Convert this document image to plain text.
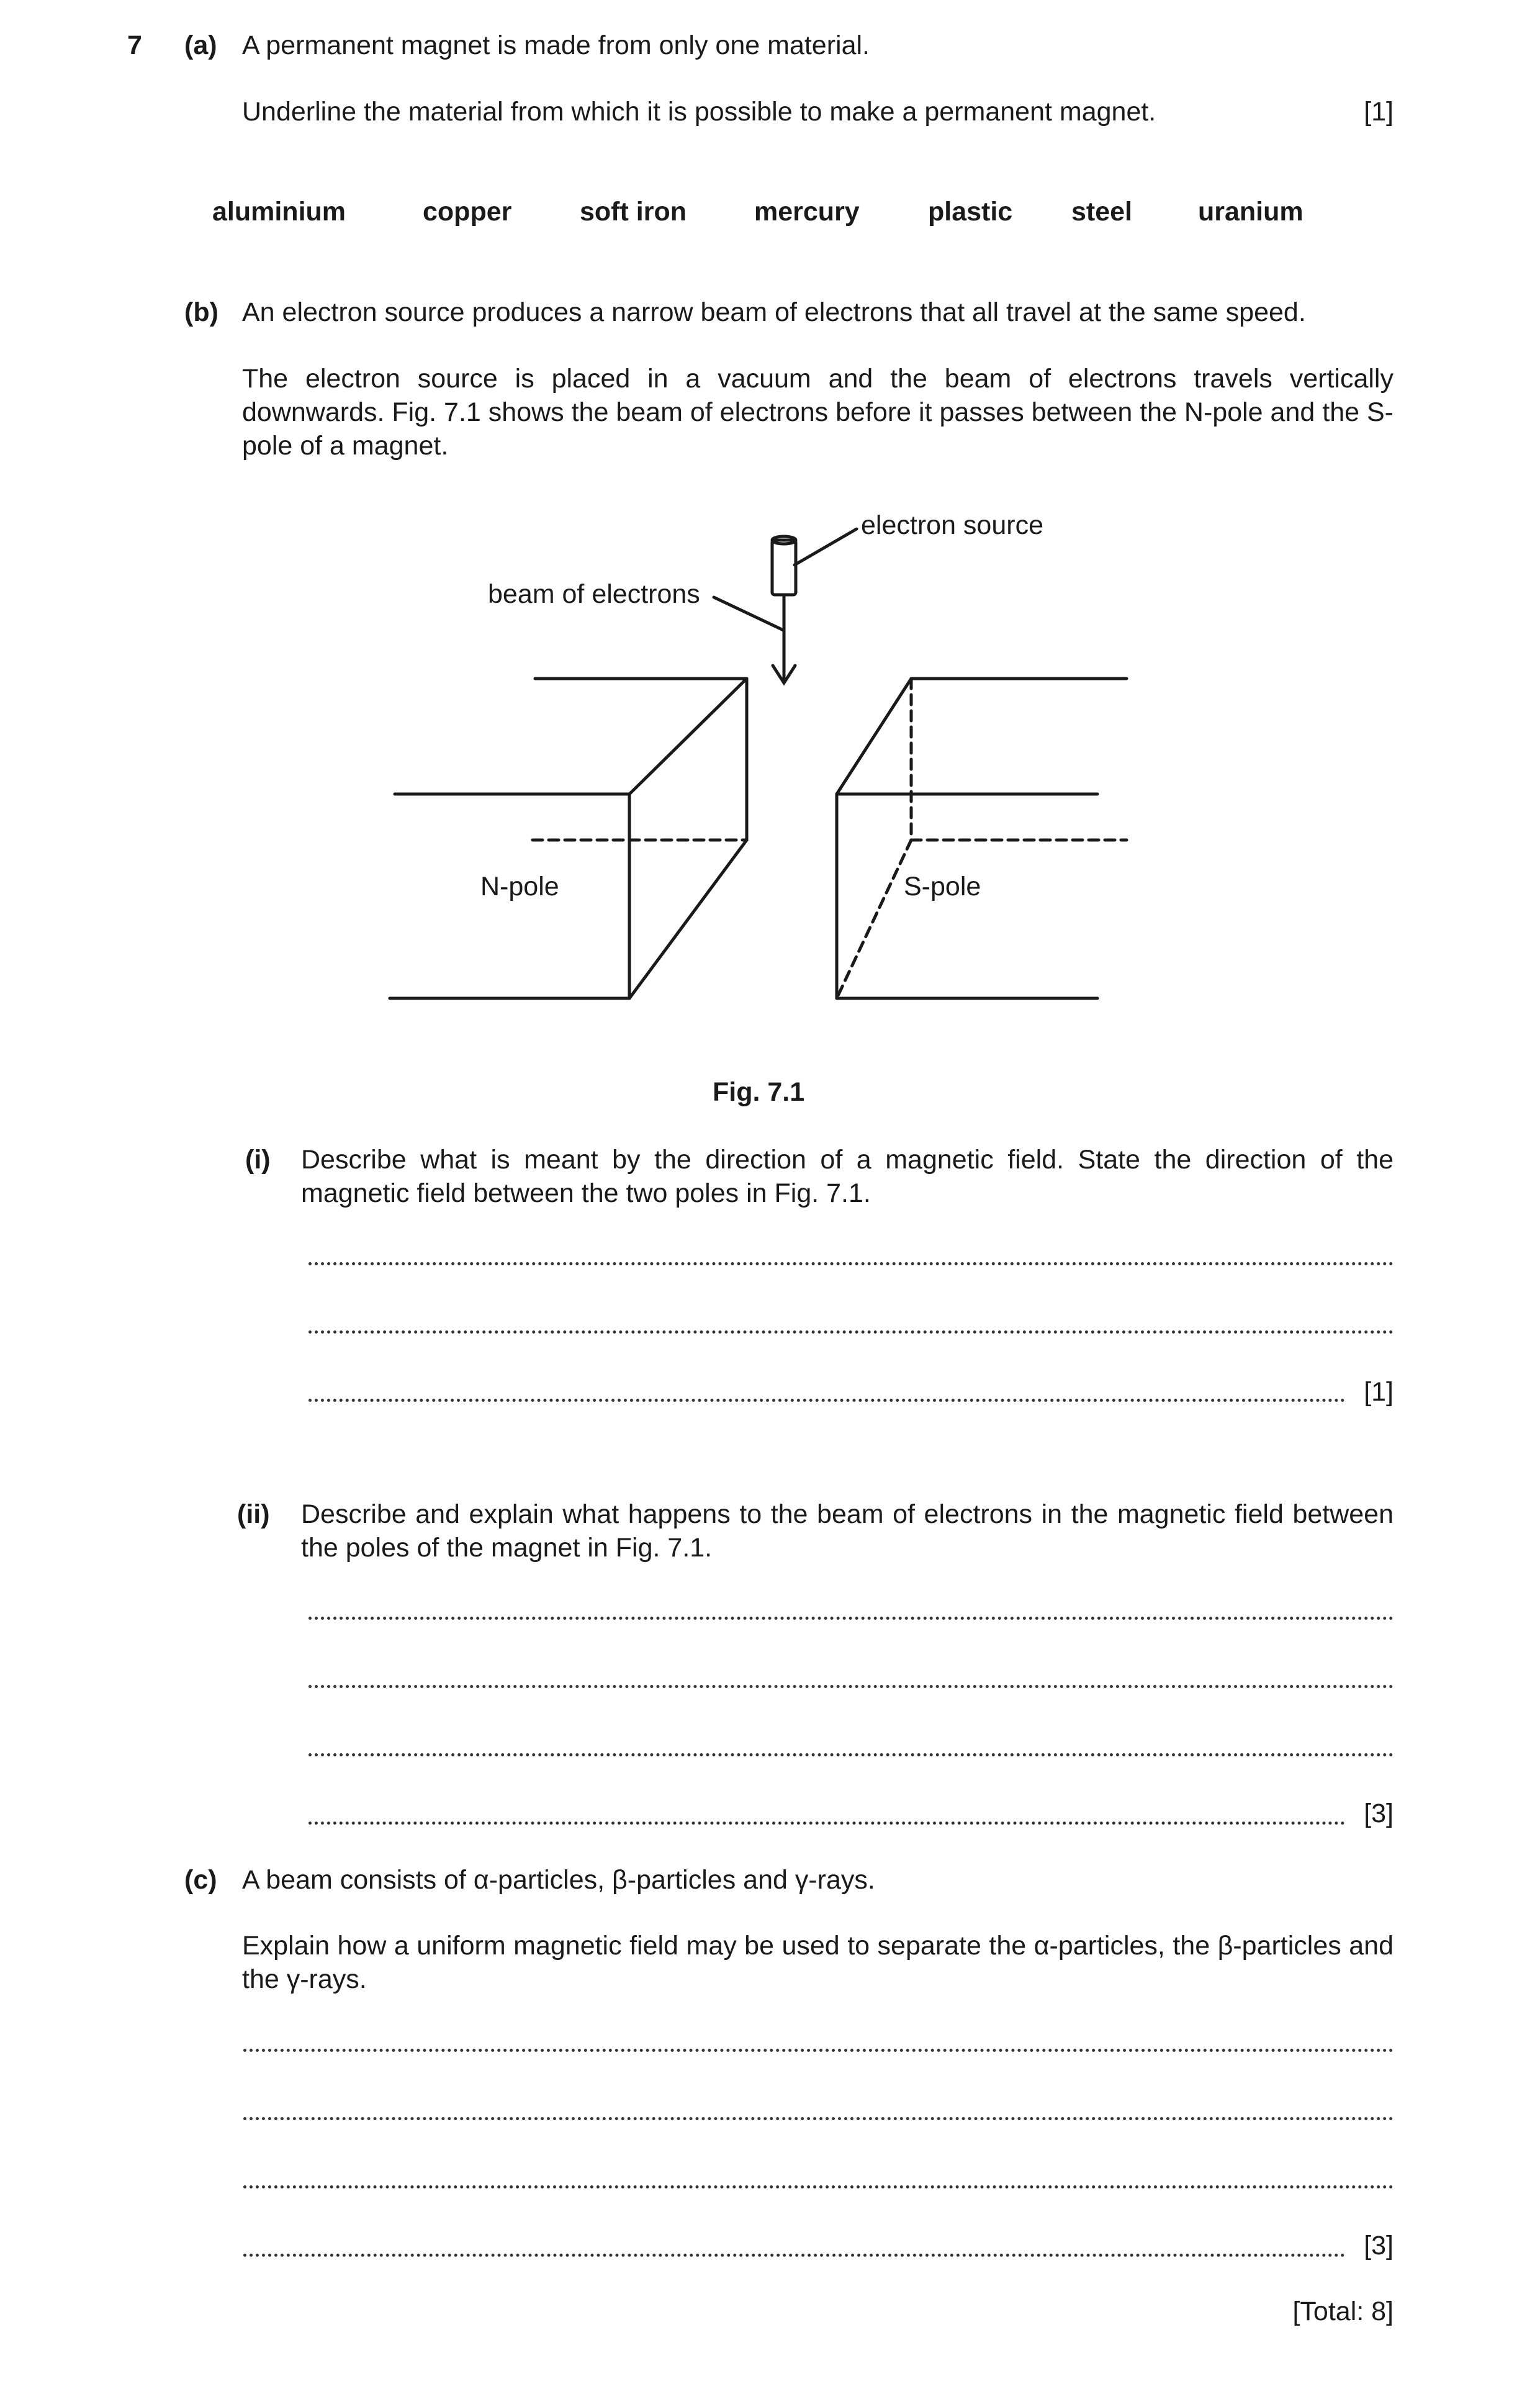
7 (a) A permanent magnet is made from only one material.
Underline the material from which it is possible to make a permanent magnet.	[1]
aluminium	copper	soft iron	mercury	plastic steel uranium
(b) An electron source produces a narrow beam of electrons that all travel at the same speed.
The electron source is placed in a vacuum and the beam of electrons travels vertically downwards. Fig. 7.1 shows the beam of electrons before it passes between the N-pole and the S-pole of a magnet.
electron source
beam of electrons
N-pole	S-pole
Fig. 7.1
(i) Describe what is meant by the direction of a magnetic field. State the direction of the magnetic field between the two poles in Fig. 7.1.
[1]
(ii) Describe and explain what happens to the beam of electrons in the magnetic field between the poles of the magnet in Fig. 7.1.
[3]
(c) A beam consists of α-particles, β-particles and γ-rays.
Explain how a uniform magnetic field may be used to separate the α-particles, the β-particles and the γ-rays.
[3]
[Total: 8]
